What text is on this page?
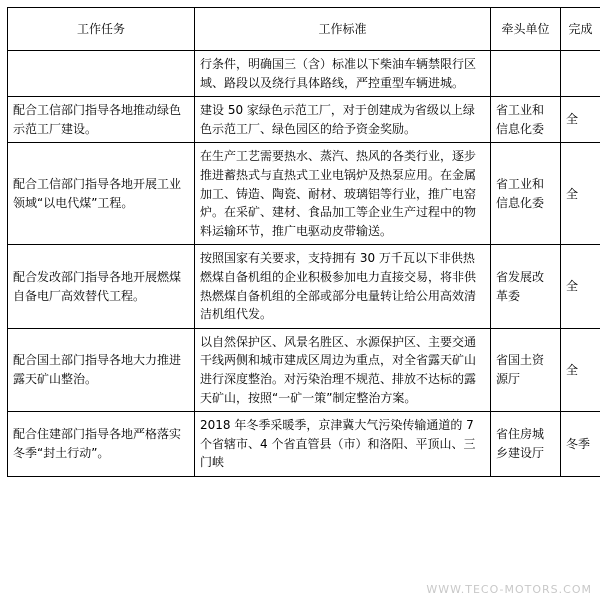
工作任务	工作标准	牵头单位	完成
	行条件，明确国三（含）标准以下柴油车辆禁限行区域、路段以及绕行具体路线，严控重型车辆进城。		
配合工信部门指导各地推动绿色示范工厂建设。	建设 50 家绿色示范工厂，对于创建成为省级以上绿色示范工厂、绿色园区的给予资金奖励。	省工业和信息化委	全
配合工信部门指导各地开展工业领域“以电代煤”工程。	在生产工艺需要热水、蒸汽、热风的各类行业，逐步推进蓄热式与直热式工业电锅炉及热泵应用。在金属加工、铸造、陶瓷、耐材、玻璃铝等行业，推广电窑炉。在采矿、建材、食品加工等企业生产过程中的物料运输环节，推广电驱动皮带输送。	省工业和信息化委	全
配合发改部门指导各地开展燃煤自备电厂高效替代工程。	按照国家有关要求，支持拥有 30 万千瓦以下非供热燃煤自备机组的企业积极参加电力直接交易，将非供热燃煤自备机组的全部或部分电量转让给公用高效清洁机组代发。	省发展改革委	全
配合国土部门指导各地大力推进露天矿山整治。	以自然保护区、风景名胜区、水源保护区、主要交通干线两侧和城市建成区周边为重点，对全省露天矿山进行深度整治。对污染治理不规范、排放不达标的露天矿山，按照“一矿一策”制定整治方案。	省国土资源厅	全
配合住建部门指导各地严格落实冬季“封土行动”。	2018 年冬季采暖季，京津冀大气污染传输通道的 7 个省辖市、4 个省直管县（市）和洛阳、平顶山、三门峡	省住房城乡建设厅	冬季
WWW.TECO-MOTORS.COM
